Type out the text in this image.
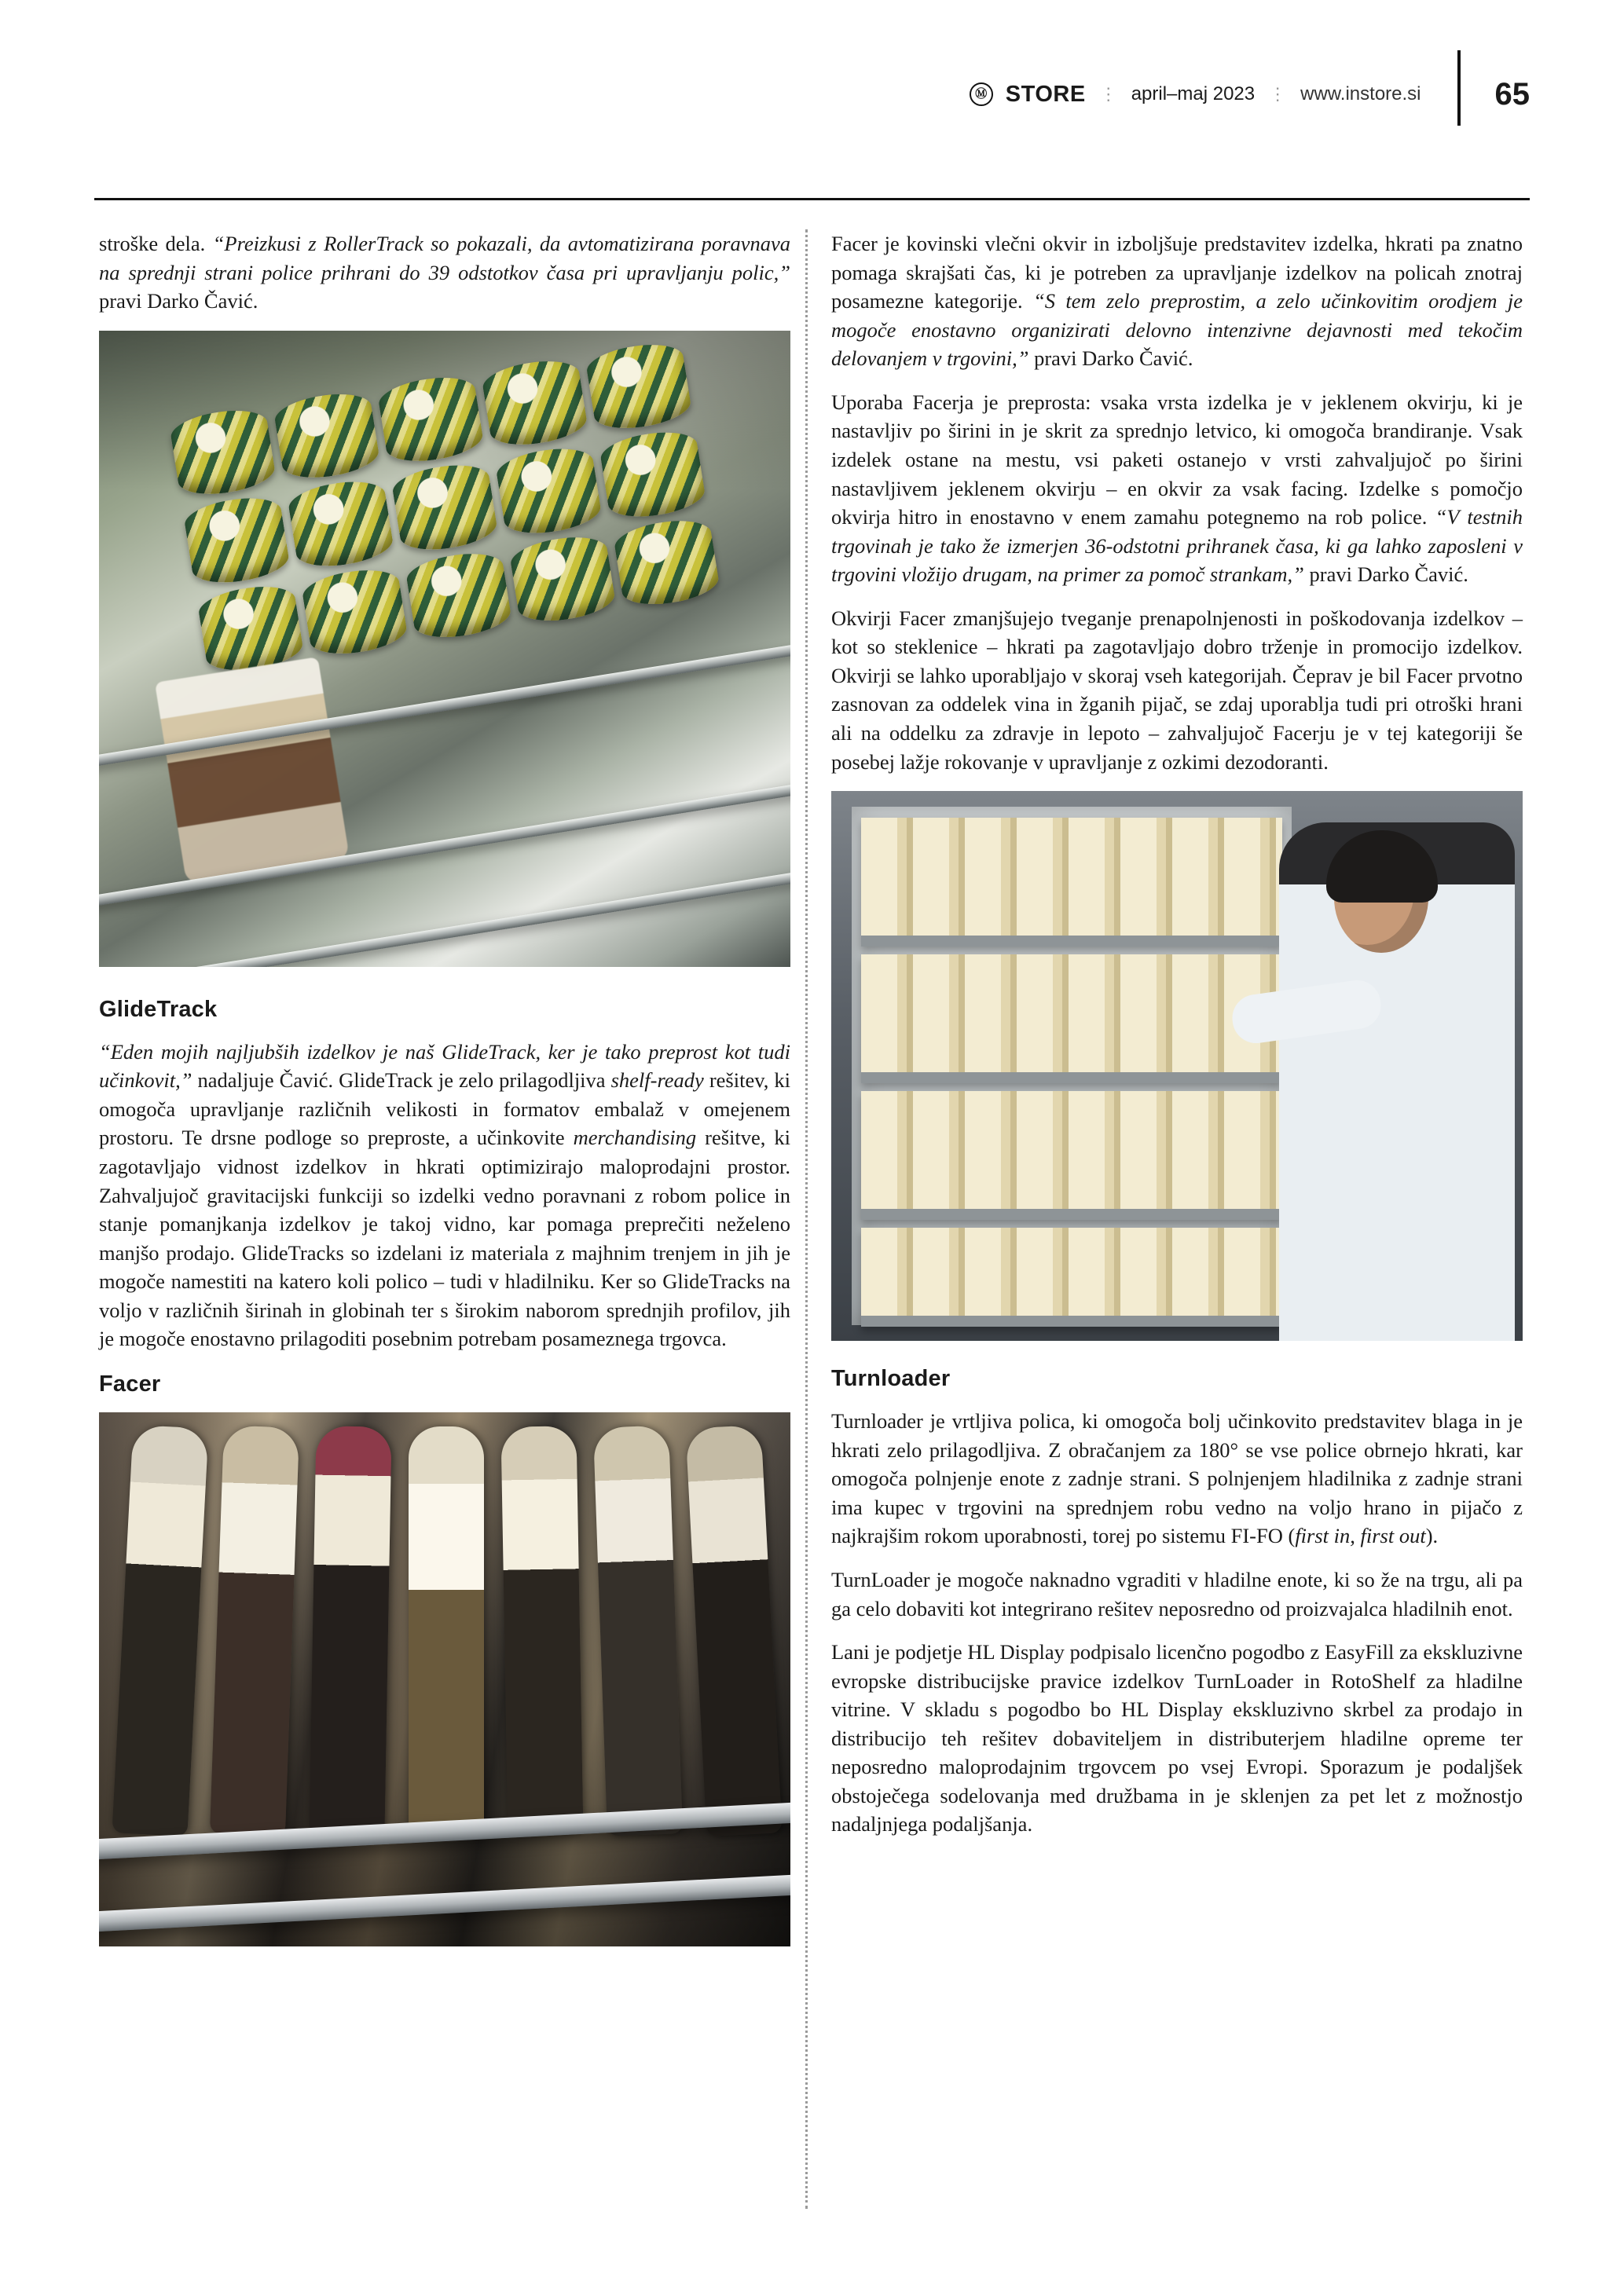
Ⓜ STORE ⋮ april–maj 2023 ⋮ www.instore.si 65

stroške dela. “Preizkusi z RollerTrack so pokazali, da avtomatizirana poravnava na sprednji strani police prihrani do 39 odstotkov časa pri upravljanju polic,” pravi Darko Čavić.

GlideTrack

“Eden mojih najljubših izdelkov je naš GlideTrack, ker je tako preprost kot tudi učinkovit,” nadaljuje Čavić. GlideTrack je zelo prilagodljiva shelf-ready rešitev, ki omogoča upravljanje različnih velikosti in formatov embalaž v omejenem prostoru. Te drsne podloge so preproste, a učinkovite merchandising rešitve, ki zagotavljajo vidnost izdelkov in hkrati optimizirajo maloprodajni prostor. Zahvaljujoč gravitacijski funkciji so izdelki vedno poravnani z robom police in stanje pomanjkanja izdelkov je takoj vidno, kar pomaga preprečiti neželeno manjšo prodajo. GlideTracks so izdelani iz materiala z majhnim trenjem in jih je mogoče namestiti na katero koli polico – tudi v hladilniku. Ker so GlideTracks na voljo v različnih širinah in globinah ter s širokim naborom sprednjih profilov, jih je mogoče enostavno prilagoditi posebnim potrebam posameznega trgovca.

Facer

Facer je kovinski vlečni okvir in izboljšuje predstavitev izdelka, hkrati pa znatno pomaga skrajšati čas, ki je potreben za upravljanje izdelkov na policah znotraj posamezne kategorije. “S tem zelo preprostim, a zelo učinkovitim orodjem je mogoče enostavno organizirati delovno intenzivne dejavnosti med tekočim delovanjem v trgovini,” pravi Darko Čavić.

Uporaba Facerja je preprosta: vsaka vrsta izdelka je v jeklenem okvirju, ki je nastavljiv po širini in je skrit za sprednjo letvico, ki omogoča brandiranje. Vsak izdelek ostane na mestu, vsi paketi ostanejo v vrsti zahvaljujoč po širini nastavljivem jeklenem okvirju – en okvir za vsak facing. Izdelke s pomočjo okvirja hitro in enostavno v enem zamahu potegnemo na rob police. “V testnih trgovinah je tako že izmerjen 36-odstotni prihranek časa, ki ga lahko zaposleni v trgovini vložijo drugam, na primer za pomoč strankam,” pravi Darko Čavić.

Okvirji Facer zmanjšujejo tveganje prenapolnjenosti in poškodovanja izdelkov – kot so steklenice – hkrati pa zagotavljajo dobro trženje in promocijo izdelkov. Okvirji se lahko uporabljajo v skoraj vseh kategorijah. Čeprav je bil Facer prvotno zasnovan za oddelek vina in žganih pijač, se zdaj uporablja tudi pri otroški hrani ali na oddelku za zdravje in lepoto – zahvaljujoč Facerju je v tej kategoriji še posebej lažje rokovanje v upravljanje z ozkimi dezodoranti.

Turnloader

Turnloader je vrtljiva polica, ki omogoča bolj učinkovito predstavitev blaga in je hkrati zelo prilagodljiva. Z obračanjem za 180° se vse police obrnejo hkrati, kar omogoča polnjenje enote z zadnje strani. S polnjenjem hladilnika z zadnje strani ima kupec v trgovini na sprednjem robu vedno na voljo hrano in pijačo z najkrajšim rokom uporabnosti, torej po sistemu FI-FO (first in, first out).

TurnLoader je mogoče naknadno vgraditi v hladilne enote, ki so že na trgu, ali pa ga celo dobaviti kot integrirano rešitev neposredno od proizvajalca hladilnih enot.

Lani je podjetje HL Display podpisalo licenčno pogodbo z EasyFill za ekskluzivne evropske distribucijske pravice izdelkov TurnLoader in RotoShelf za hladilne vitrine. V skladu s pogodbo bo HL Display ekskluzivno skrbel za prodajo in distribucijo teh rešitev dobaviteljem in distributerjem hladilne opreme ter neposredno maloprodajnim trgovcem po vsej Evropi. Sporazum je podaljšek obstoječega sodelovanja med družbama in je sklenjen za pet let z možnostjo nadaljnjega podaljšanja.
